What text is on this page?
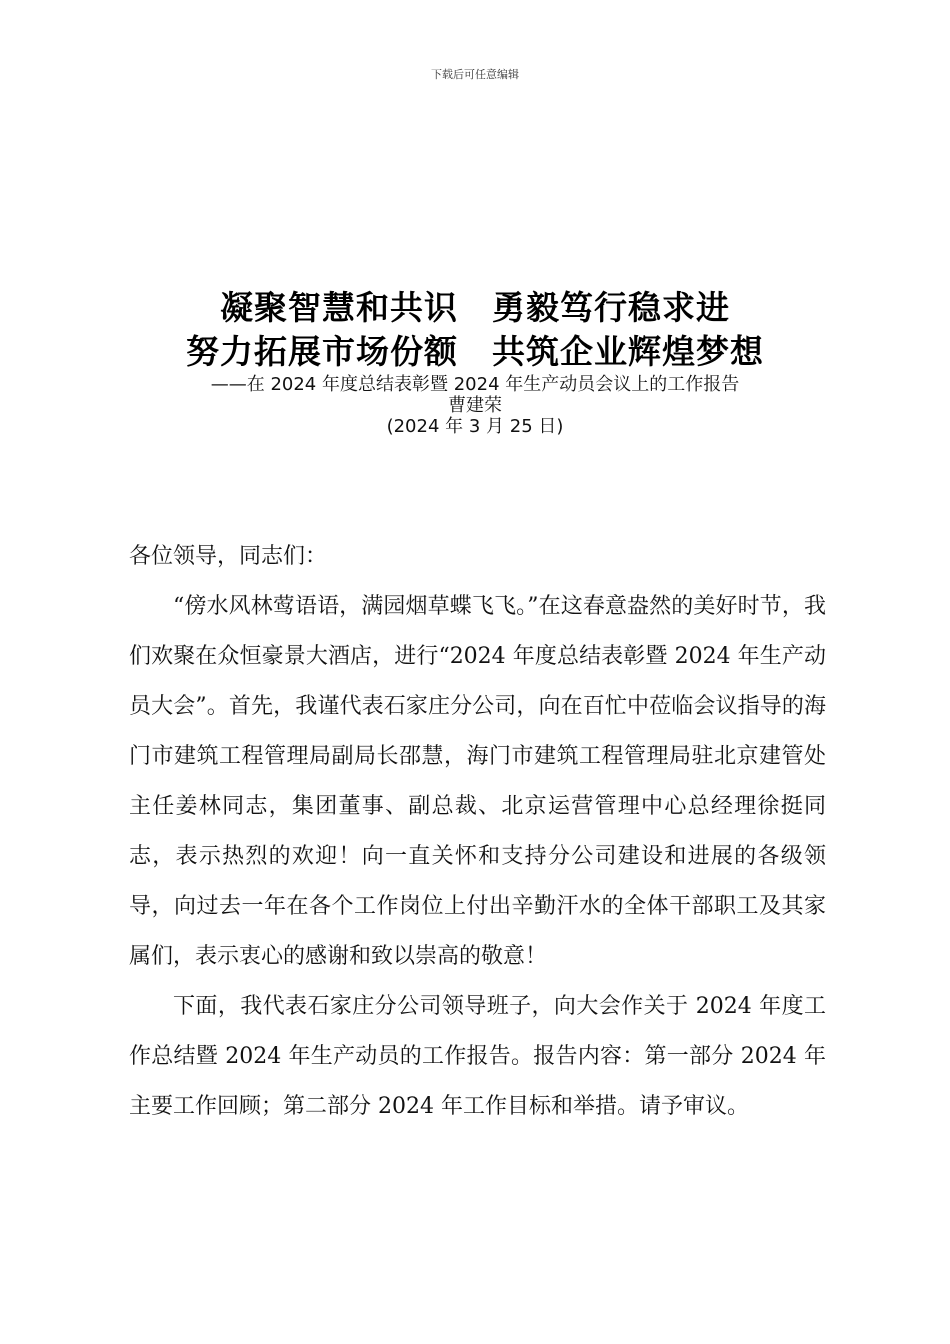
下载后可任意编辑
凝聚智慧和共识　勇毅笃行稳求进
努力拓展市场份额　共筑企业辉煌梦想
——在 2024 年度总结表彰暨 2024 年生产动员会议上的工作报告
曹建荣
(2024 年 3 月 25 日)

各位领导，同志们：

“傍水风林莺语语，满园烟草蝶飞飞。”在这春意盎然的美好时节，我们欢聚在众恒豪景大酒店，进行“2024 年度总结表彰暨 2024 年生产动员大会”。首先，我谨代表石家庄分公司，向在百忙中莅临会议指导的海门市建筑工程管理局副局长邵慧，海门市建筑工程管理局驻北京建管处主任姜林同志，集团董事、副总裁、北京运营管理中心总经理徐挺同志，表示热烈的欢迎！向一直关怀和支持分公司建设和进展的各级领导，向过去一年在各个工作岗位上付出辛勤汗水的全体干部职工及其家属们，表示衷心的感谢和致以崇高的敬意！

下面，我代表石家庄分公司领导班子，向大会作关于 2024 年度工作总结暨 2024 年生产动员的工作报告。报告内容：第一部分 2024 年主要工作回顾；第二部分 2024 年工作目标和举措。请予审议。
